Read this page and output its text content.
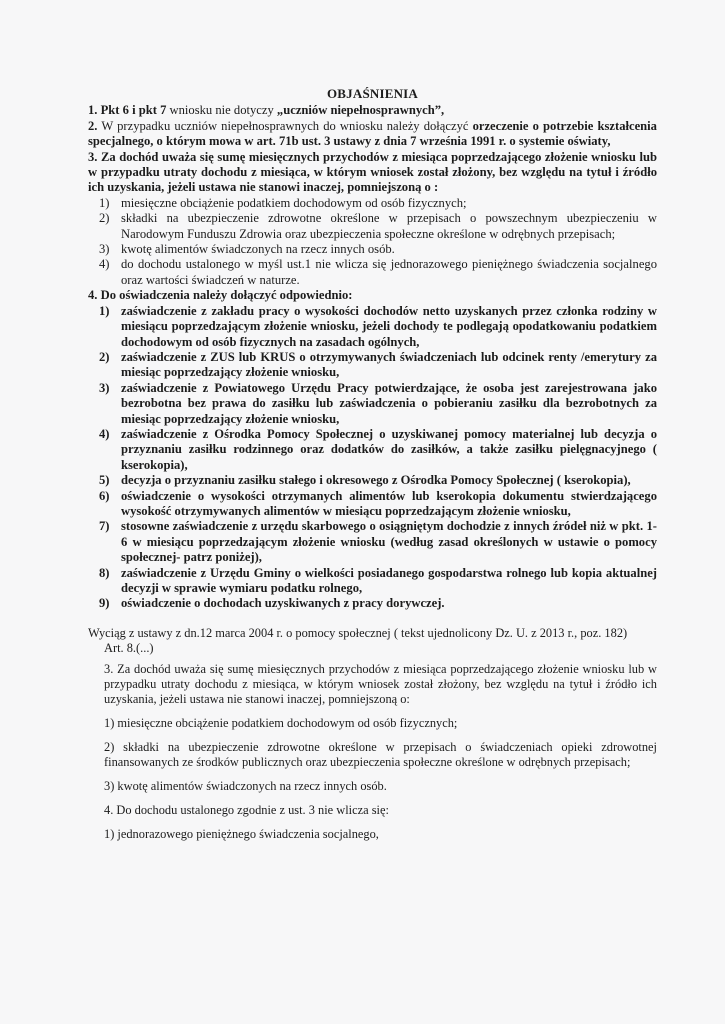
OBJAŚNIENIA

1. Pkt 6 i pkt 7 wniosku nie dotyczy „uczniów niepełnosprawnych”,

2. W przypadku uczniów niepełnosprawnych do wniosku należy dołączyć orzeczenie o potrzebie kształcenia specjalnego, o którym mowa w art. 71b ust. 3 ustawy z dnia 7 września 1991 r. o systemie oświaty,

3. Za dochód uważa się sumę miesięcznych przychodów z miesiąca poprzedzającego złożenie wniosku lub w przypadku utraty dochodu z miesiąca, w którym wniosek został złożony, bez względu na tytuł i źródło ich uzyskania, jeżeli ustawa nie stanowi inaczej, pomniejszoną o :

1) miesięczne obciążenie podatkiem dochodowym od osób fizycznych;
2) składki na ubezpieczenie zdrowotne określone w przepisach o powszechnym ubezpieczeniu w Narodowym Funduszu Zdrowia oraz ubezpieczenia społeczne określone w odrębnych przepisach;
3) kwotę alimentów świadczonych na rzecz innych osób.
4) do dochodu ustalonego w myśl ust.1 nie wlicza się jednorazowego pieniężnego świadczenia socjalnego oraz wartości świadczeń w naturze.

4. Do oświadczenia należy dołączyć odpowiednio:

1) zaświadczenie z zakładu pracy o wysokości dochodów netto uzyskanych przez członka rodziny w miesiącu poprzedzającym złożenie wniosku, jeżeli dochody te podlegają opodatkowaniu podatkiem dochodowym od osób fizycznych na zasadach ogólnych,
2) zaświadczenie z ZUS lub KRUS o otrzymywanych świadczeniach lub odcinek renty /emerytury za miesiąc poprzedzający złożenie wniosku,
3) zaświadczenie z Powiatowego Urzędu Pracy potwierdzające, że osoba jest zarejestrowana jako bezrobotna bez prawa do zasiłku lub zaświadczenia o pobieraniu zasiłku dla bezrobotnych za miesiąc poprzedzający złożenie wniosku,
4) zaświadczenie z Ośrodka Pomocy Społecznej o uzyskiwanej pomocy materialnej lub decyzja o przyznaniu zasiłku rodzinnego oraz dodatków do zasiłków, a także zasiłku pielęgnacyjnego ( kserokopia),
5) decyzja o przyznaniu zasiłku stałego i okresowego z Ośrodka Pomocy Społecznej ( kserokopia),
6) oświadczenie o wysokości otrzymanych alimentów lub kserokopia dokumentu stwierdzającego wysokość otrzymywanych alimentów w miesiącu poprzedzającym złożenie wniosku,
7) stosowne zaświadczenie z urzędu skarbowego o osiągniętym dochodzie z innych źródeł niż w pkt. 1-6 w miesiącu poprzedzającym złożenie wniosku (według zasad określonych w ustawie o pomocy społecznej- patrz poniżej),
8) zaświadczenie z Urzędu Gminy o wielkości posiadanego gospodarstwa rolnego lub kopia aktualnej decyzji w sprawie wymiaru podatku rolnego,
9) oświadczenie o dochodach uzyskiwanych z pracy dorywczej.

Wyciąg z ustawy z dn.12 marca 2004 r. o pomocy społecznej ( tekst ujednolicony Dz. U. z 2013 r., poz. 182)

Art. 8.(...)

3. Za dochód uważa się sumę miesięcznych przychodów z miesiąca poprzedzającego złożenie wniosku lub w przypadku utraty dochodu z miesiąca, w którym wniosek został złożony, bez względu na tytuł i źródło ich uzyskania, jeżeli ustawa nie stanowi inaczej, pomniejszoną o:

1) miesięczne obciążenie podatkiem dochodowym od osób fizycznych;

2) składki na ubezpieczenie zdrowotne określone w przepisach o świadczeniach opieki zdrowotnej finansowanych ze środków publicznych oraz ubezpieczenia społeczne określone w odrębnych przepisach;

3) kwotę alimentów świadczonych na rzecz innych osób.

4. Do dochodu ustalonego zgodnie z ust. 3 nie wlicza się:

1) jednorazowego pieniężnego świadczenia socjalnego,
